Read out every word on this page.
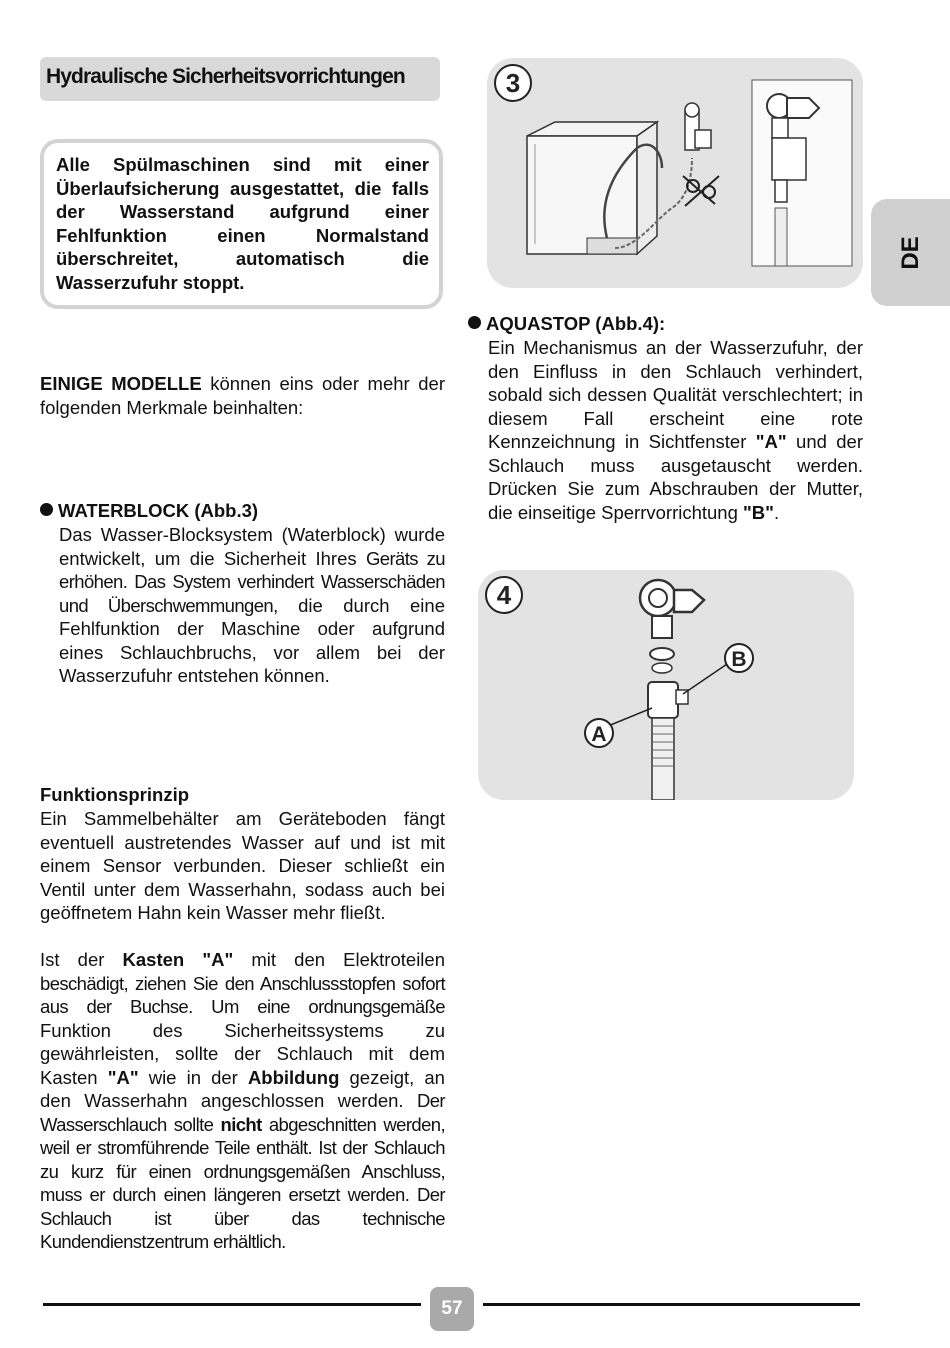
Hydraulische Sicherheitsvorrichtungen
Alle Spülmaschinen sind mit einer Überlaufsicherung ausgestattet, die falls der Wasserstand aufgrund einer Fehlfunktion einen Normalstand überschreitet, automatisch die Wasserzufuhr stoppt.
EINIGE MODELLE können eins oder mehr der folgenden Merkmale beinhalten:
WATERBLOCK (Abb.3)
Das Wasser-Blocksystem (Waterblock) wurde entwickelt, um die Sicherheit Ihres Geräts zu erhöhen. Das System verhindert Wasserschäden und Überschwemmungen, die durch eine Fehlfunktion der Maschine oder aufgrund eines Schlauchbruchs, vor allem bei der Wasserzufuhr entstehen können.
Funktionsprinzip
Ein Sammelbehälter am Geräteboden fängt eventuell austretendes Wasser auf und ist mit einem Sensor verbunden. Dieser schließt ein Ventil unter dem Wasserhahn, sodass auch bei geöffnetem Hahn kein Wasser mehr fließt.
Ist der Kasten "A" mit den Elektroteilen beschädigt, ziehen Sie den Anschlussstopfen sofort aus der Buchse. Um eine ordnungsgemäße Funktion des Sicherheitssystems zu gewährleisten, sollte der Schlauch mit dem Kasten "A" wie in der Abbildung gezeigt, an den Wasserhahn angeschlossen werden. Der Wasserschlauch sollte nicht abgeschnitten werden, weil er stromführende Teile enthält. Ist der Schlauch zu kurz für einen ordnungsgemäßen Anschluss, muss er durch einen längeren ersetzt werden. Der Schlauch ist über das technische Kundendienstzentrum erhältlich.
3
AQUASTOP (Abb.4):
Ein Mechanismus an der Wasserzufuhr, der den Einfluss in den Schlauch verhindert, sobald sich dessen Qualität verschlechtert; in diesem Fall erscheint eine rote Kennzeichnung in Sichtfenster "A" und der Schlauch muss ausgetauscht werden. Drücken Sie zum Abschrauben der Mutter, die einseitige Sperrvorrichtung "B".
4
B
A
DE
57
